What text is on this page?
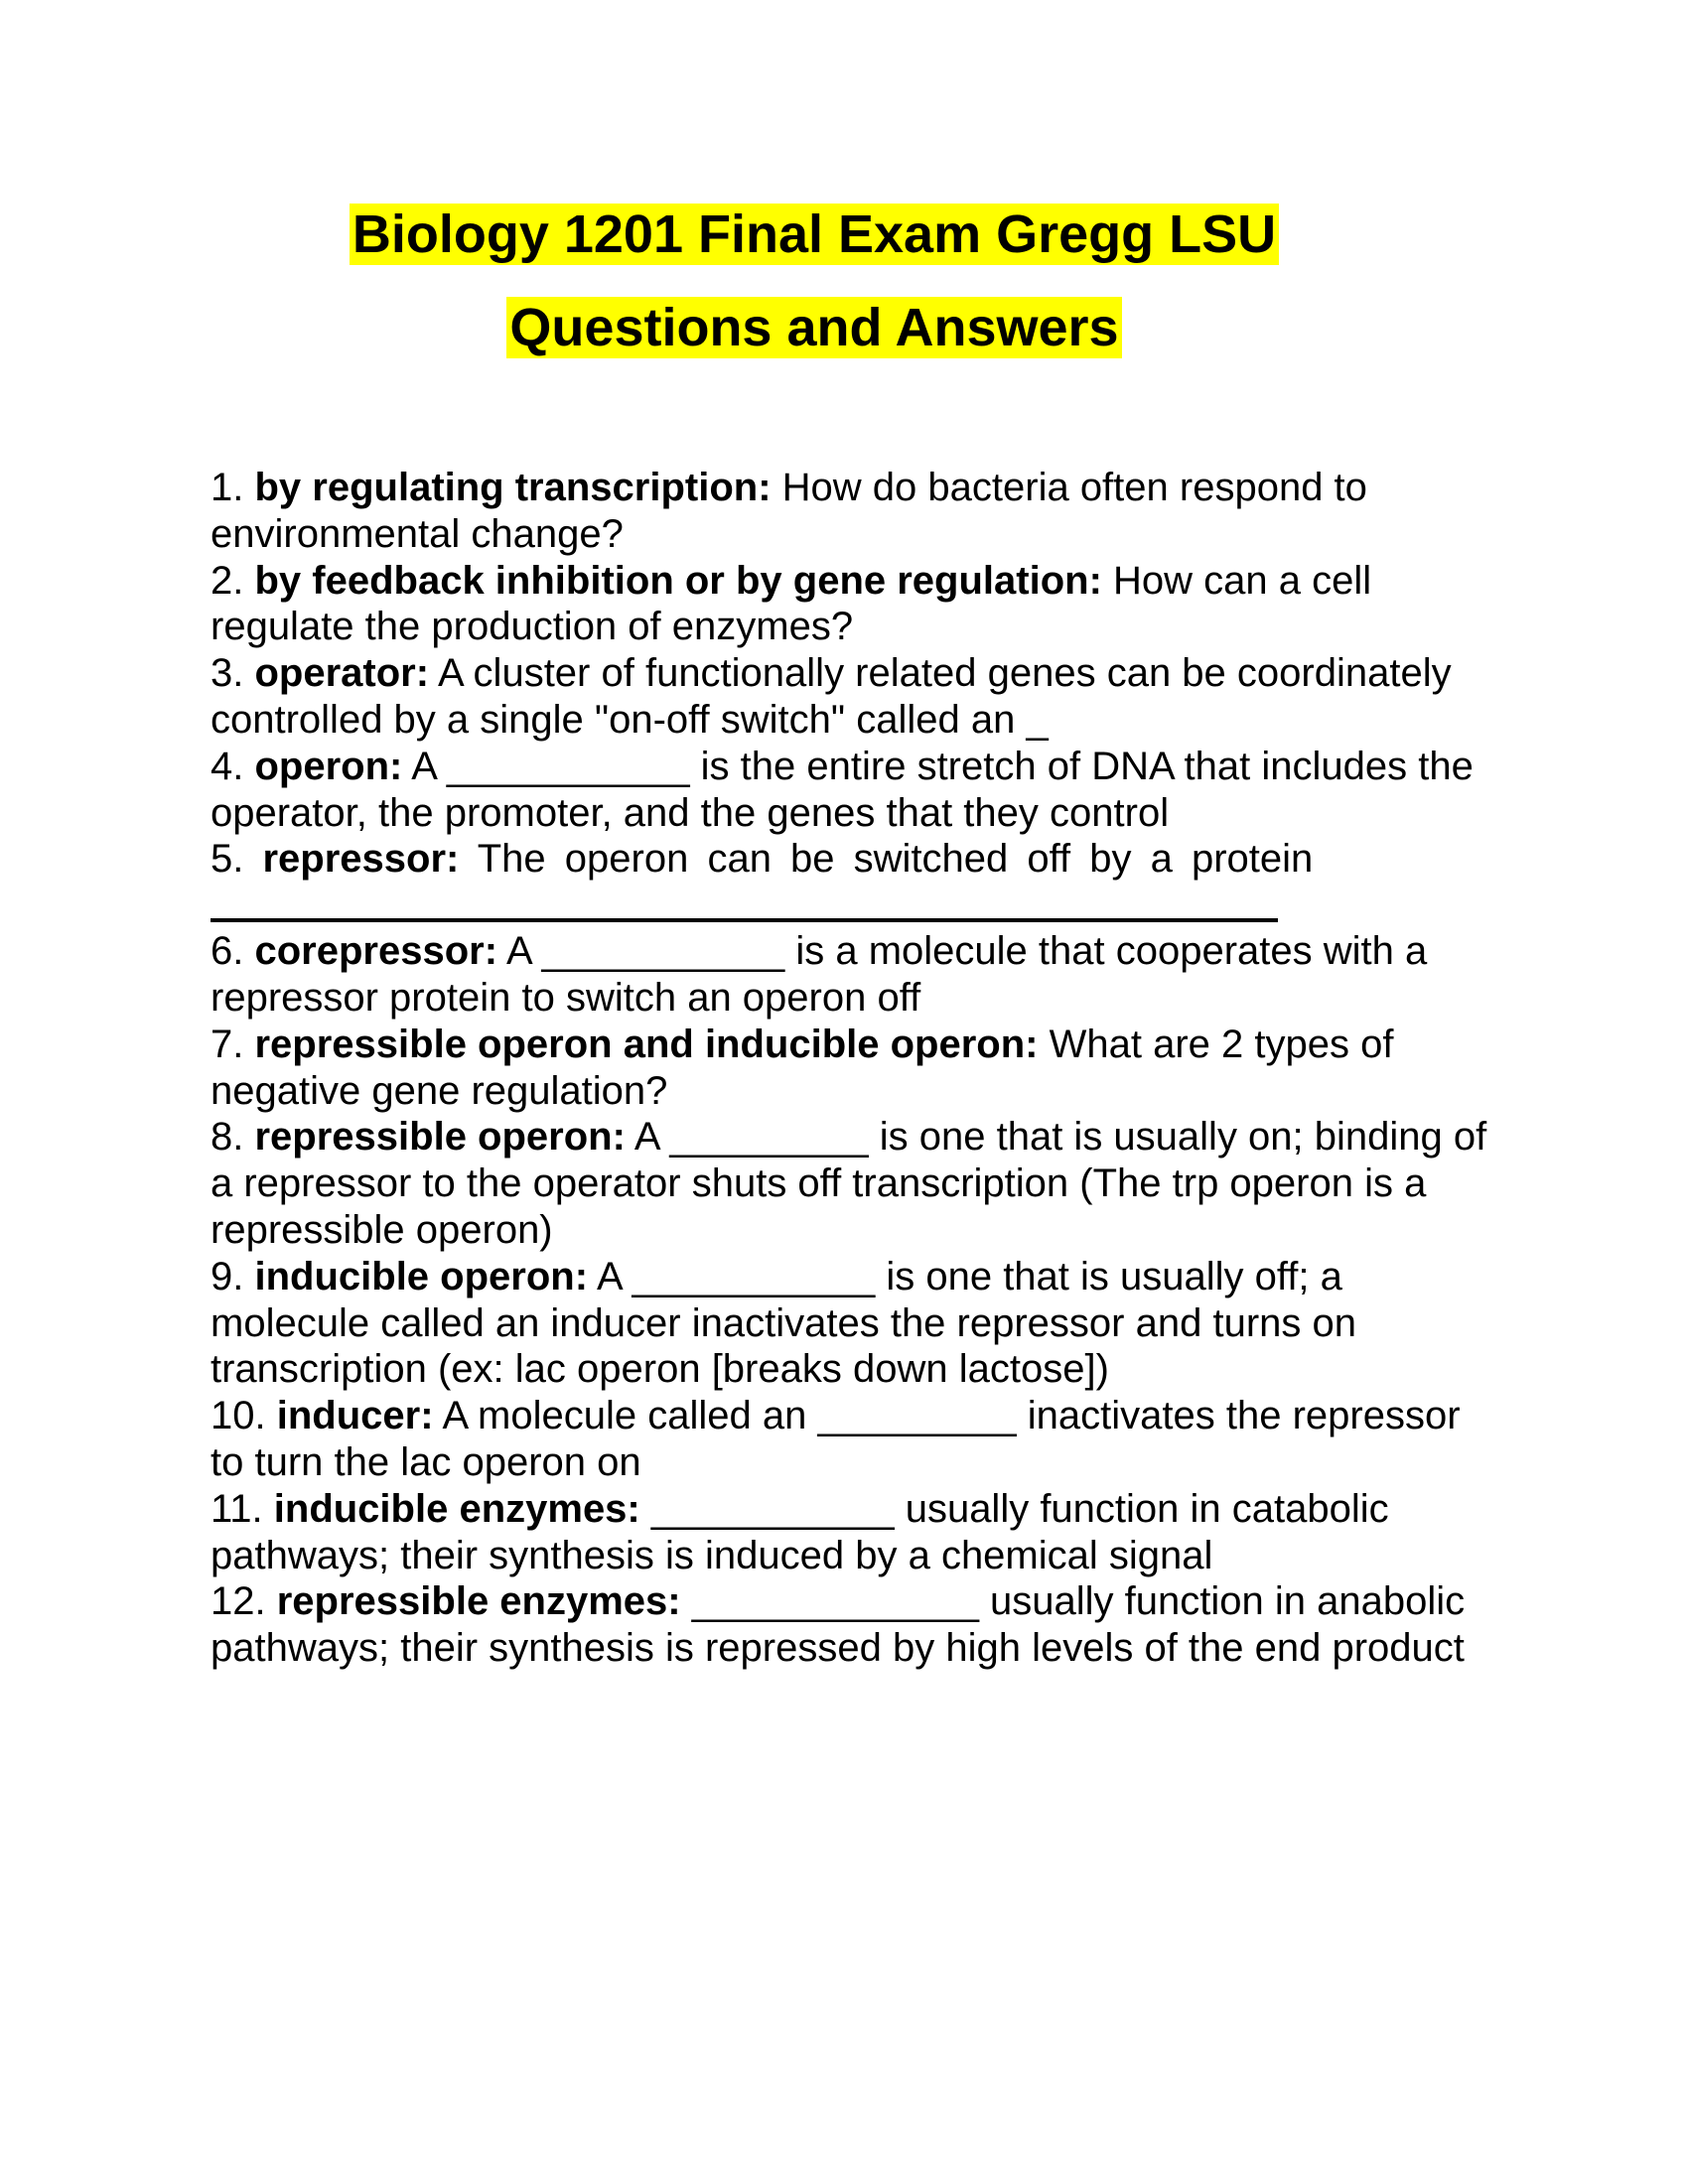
Biology 1201 Final Exam Gregg LSU
Questions and Answers

1. by regulating transcription: How do bacteria often respond to environmental change?

2. by feedback inhibition or by gene regulation: How can a cell regulate the production of enzymes?

3. operator: A cluster of functionally related genes can be coordinately controlled by a single "on-off switch" called an _

4. operon: A ___________ is the entire stretch of DNA that includes the operator, the promoter, and the genes that they control

5. repressor: The operon can be switched off by a protein

6. corepressor: A ___________ is a molecule that cooperates with a repressor protein to switch an operon off

7. repressible operon and inducible operon: What are 2 types of negative gene regulation?

8. repressible operon: A _________ is one that is usually on; binding of a repressor to the operator shuts off transcription (The trp operon is a repressible operon)

9. inducible operon: A ___________ is one that is usually off; a molecule called an inducer inactivates the repressor and turns on transcription (ex: lac operon [breaks down lactose])

10. inducer: A molecule called an _________ inactivates the repressor to turn the lac operon on

11. inducible enzymes: ___________ usually function in catabolic pathways; their synthesis is induced by a chemical signal

12. repressible enzymes: _____________ usually function in anabolic pathways; their synthesis is repressed by high levels of the end product
